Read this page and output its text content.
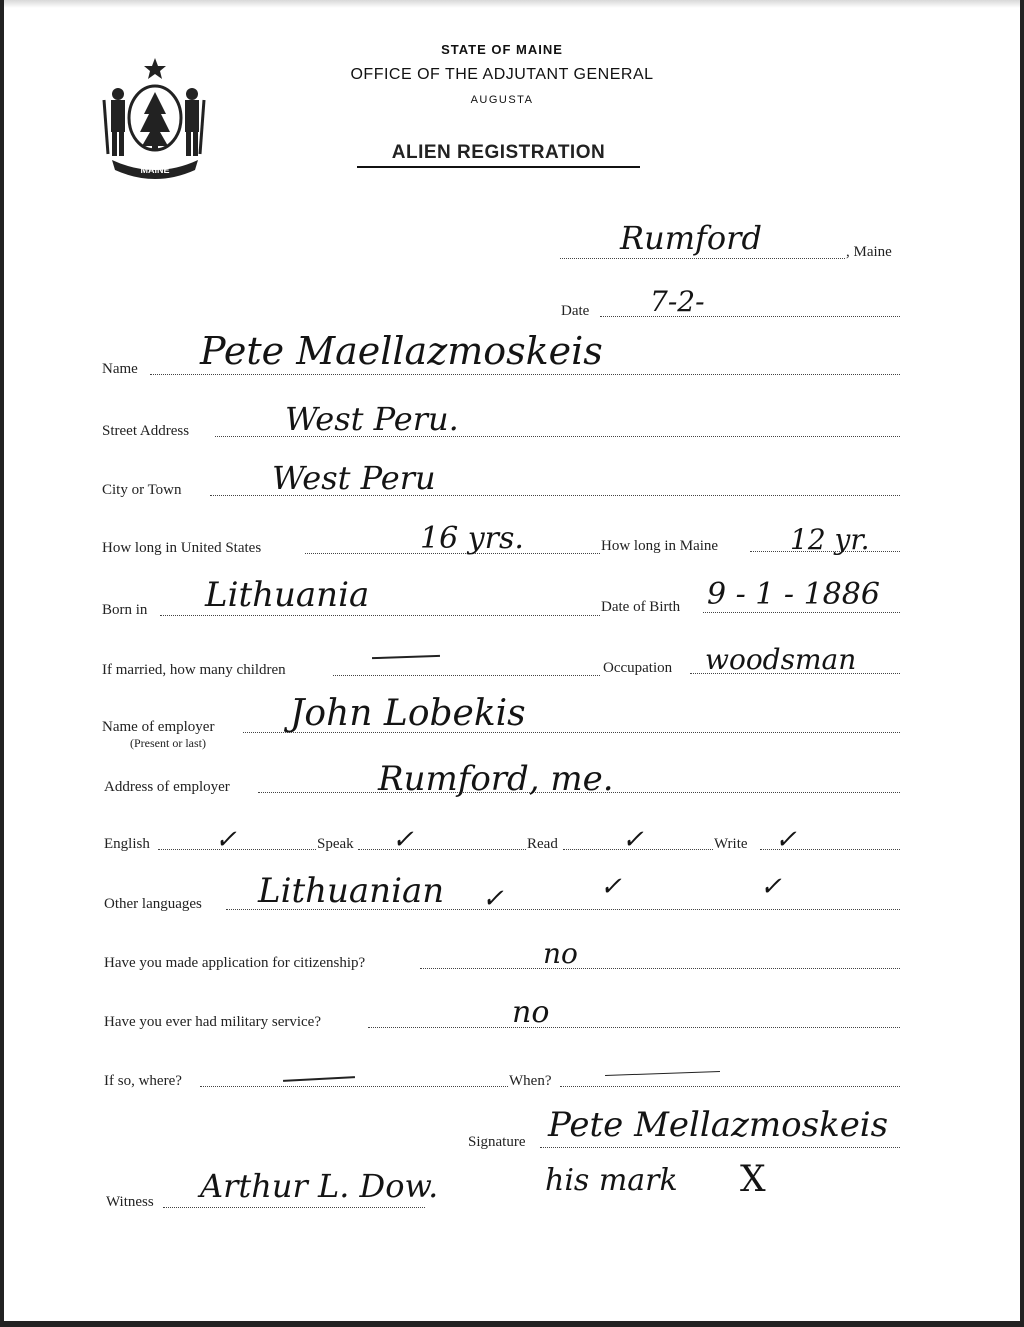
MAINE
STATE OF MAINE
OFFICE OF THE ADJUTANT GENERAL
AUGUSTA
ALIEN REGISTRATION
Rumford	, Maine
Date 7-2-
Name Pete Maellazmoskeis
Street Address	West Peru.
City or Town	West Peru
How long in United States	16 yrs.	How long in Maine	12 yr.
Born in Lithuania	Date of Birth 9 - 1 - 1886
If married, how many children	Occupation woodsman
Name of employer
(Present or last)
John Lobekis
Address of employer	Rumford, me.
English	✓	Speak ✓	Read ✓	Write ✓
Other languages Lithuanian ✓	✓	✓
Have you made application for citizenship?	no
Have you ever had military service?	no
If so, where?	When?
Signature Pete Mellazmoskeis
his mark X
Witness Arthur L. Dow.
